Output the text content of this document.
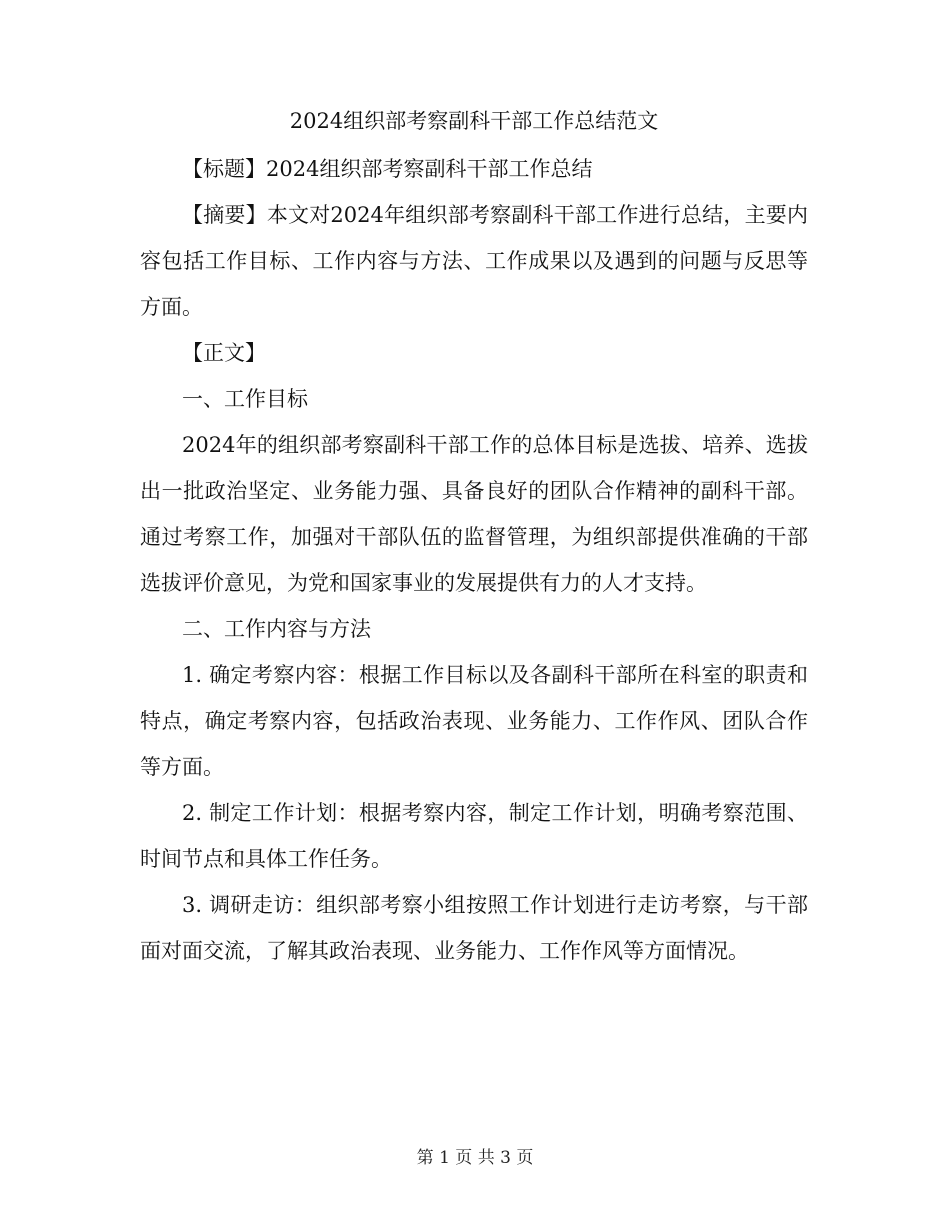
2024组织部考察副科干部工作总结范文

【标题】2024组织部考察副科干部工作总结

【摘要】本文对2024年组织部考察副科干部工作进行总结，主要内容包括工作目标、工作内容与方法、工作成果以及遇到的问题与反思等方面。

【正文】

一、工作目标

2024年的组织部考察副科干部工作的总体目标是选拔、培养、选拔出一批政治坚定、业务能力强、具备良好的团队合作精神的副科干部。通过考察工作，加强对干部队伍的监督管理，为组织部提供准确的干部选拔评价意见，为党和国家事业的发展提供有力的人才支持。

二、工作内容与方法

1. 确定考察内容：根据工作目标以及各副科干部所在科室的职责和特点，确定考察内容，包括政治表现、业务能力、工作作风、团队合作等方面。

2. 制定工作计划：根据考察内容，制定工作计划，明确考察范围、时间节点和具体工作任务。

3. 调研走访：组织部考察小组按照工作计划进行走访考察，与干部面对面交流，了解其政治表现、业务能力、工作作风等方面情况。

第 1 页 共 3 页
